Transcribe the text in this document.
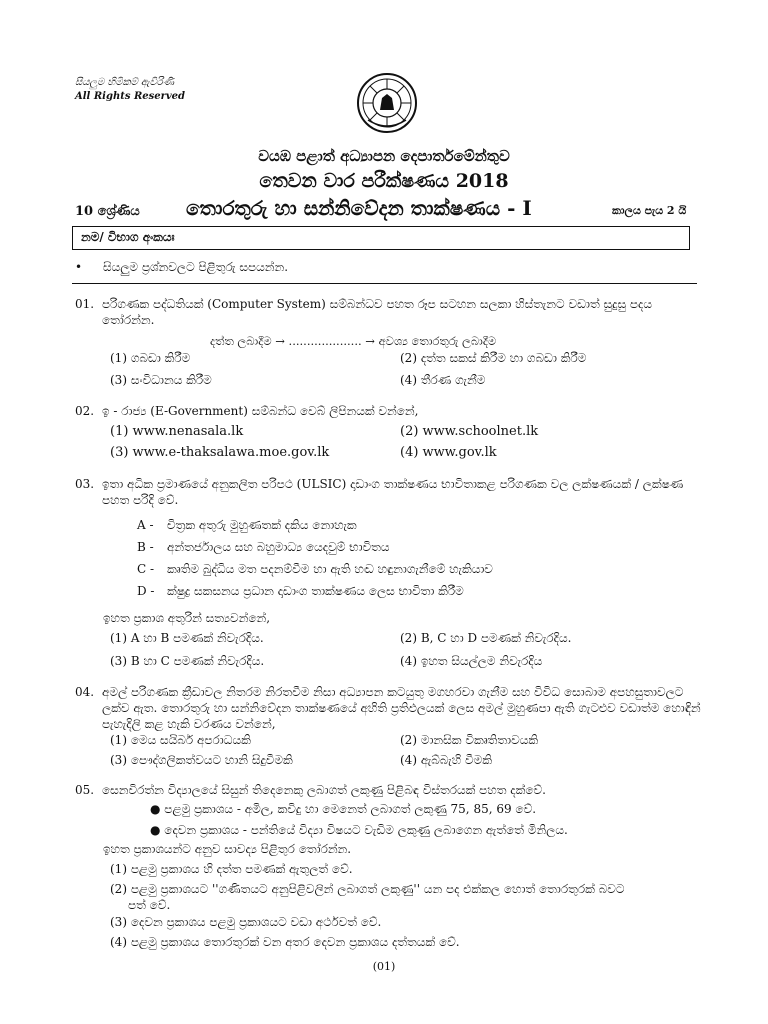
සියලුම හිමිකම් ඇවිරිණි
All Rights Reserved
වයඹ පළාත් අධ්‍යාපන දෙපාර්තමේන්තුව
තෙවන වාර පරීක්ෂණය 2018
10 ශ්‍රේණිය තොරතුරු හා සන්නිවේදන තාක්ෂණය - I	කාලය පැය 2 යි
නම/ විභාග අංකයඃ
• සියලුම ප්‍රශ්නවලට පිළිතුරු සපයන්න.
01. පරිගණක පද්ධතියක් (Computer System) සම්බන්ධව පහත රූප සටහන සලකා හිස්තැනට වඩාත් සුදුසු පදය තෝරන්න.
දත්ත ලබාදීම → .................... → අවශ්‍ය තොරතුරු ලබාදීම
(1) ගබඩා කිරීම	(2) දත්ත සකස් කිරීම හා ගබඩා කිරීම
(3) සංවිධානය කිරීම	(4) තීරණ ගැනීම
02. ඉ - රාජ්‍ය (E-Government) සම්බන්ධ වෙබ් ලිපිනයක් වන්නේ,
(1) www.nenasala.lk	(2) www.schoolnet.lk
(3) www.e-thaksalawa.moe.gov.lk	(4) www.gov.lk
03. ඉතා අධික ප්‍රමාණයේ අනුකලිත පරිපථ (ULSIC) දාඩාංග තාක්ෂණය භාවිතාකළ පරිගණක වල ලක්ෂණයක් / ලක්ෂණ පහත පරිදි වේ.
A - චිත්‍රක අතුරු මුහුණතක් දකිය නොහැක
B - අන්තර්ජාලය සහ බහුමාධ්‍ය යෙදවුම් භාවිතය
C - කෘතිම බුද්ධිය මත පදනම්වීම හා ඇති හඬ හඳුනාගැනීමේ හැකියාව
D - ක්ෂුද්‍ර සකසනය ප්‍රධාන දාඩාංග තාක්ෂණය ලෙස භාවිතා කිරීම
ඉහත ප්‍රකාශ අතුරින් සත්‍යවන්නේ,
(1) A හා B පමණක් නිවැරදිය.	(2) B, C හා D පමණක් නිවැරදිය.
(3) B හා C පමණක් නිවැරදිය.	(4) ඉහත සියල්ලම නිවැරදිය
04. අමල් පරිගණක ක්‍රීඩාවල නිතරම නිරතවීම නිසා අධ්‍යාපන කටයුතු මගහරවා ගැනීම සහ විවිධ සොබාම අපහසුතාවලට ලක්ව ඇත. තොරතුරු හා සන්නිවේදන තාක්ෂණයේ අහිති ප්‍රතිඵලයක් ලෙස අමල් මුහුණපා ඇති ගැටළුව වඩාත්ම හොඳින් පැහැදිලි කළ හැකි වරණය වන්නේ,
(1) මෙය සයිබර් අපරාධයකි	(2) මානසික විකෘතිතාවයකි
(3) පෞද්ගලිකත්වයට හානි සිදුවීමකි	(4) ඇබ්බැහි වීමකි
05. සෙනවිරත්න විද්‍යාලයේ සිසුන් තිදෙනෙකු ලබාගත් ලකුණු පිළිබඳ විස්තරයක් පහත දක්වේ.
● පළමු ප්‍රකාශය - අමිල, කවිදු හා මෙනෙත් ලබාගත් ලකුණු 75, 85, 69 වේ.
● දෙවන ප්‍රකාශය - පන්තියේ විද්‍යා විෂයට වැඩිම ලකුණු ලබාගෙන ඇත්තේ මිනිලය.
ඉහත ප්‍රකාශයන්ට අනුව සාවද්‍ය පිළිතුර තෝරන්න.
(1) පළමු ප්‍රකාශය හි දත්ත පමණක් ඇතුලත් වේ.
(2) පළමු ප්‍රකාශයට ''ගණිතයට අනුපිළිවලින් ලබාගත් ලකුණු'' යන පද එක්කල හොත් තොරතුරක් බවට
පත් වේ.
(3) දෙවන ප්‍රකාශය පළමු ප්‍රකාශයට වඩා අර්ථවත් වේ.
(4) පළමු ප්‍රකාශය තොරතුරක් වන අතර දෙවන ප්‍රකාශය දත්තයක් වේ.
(01)
